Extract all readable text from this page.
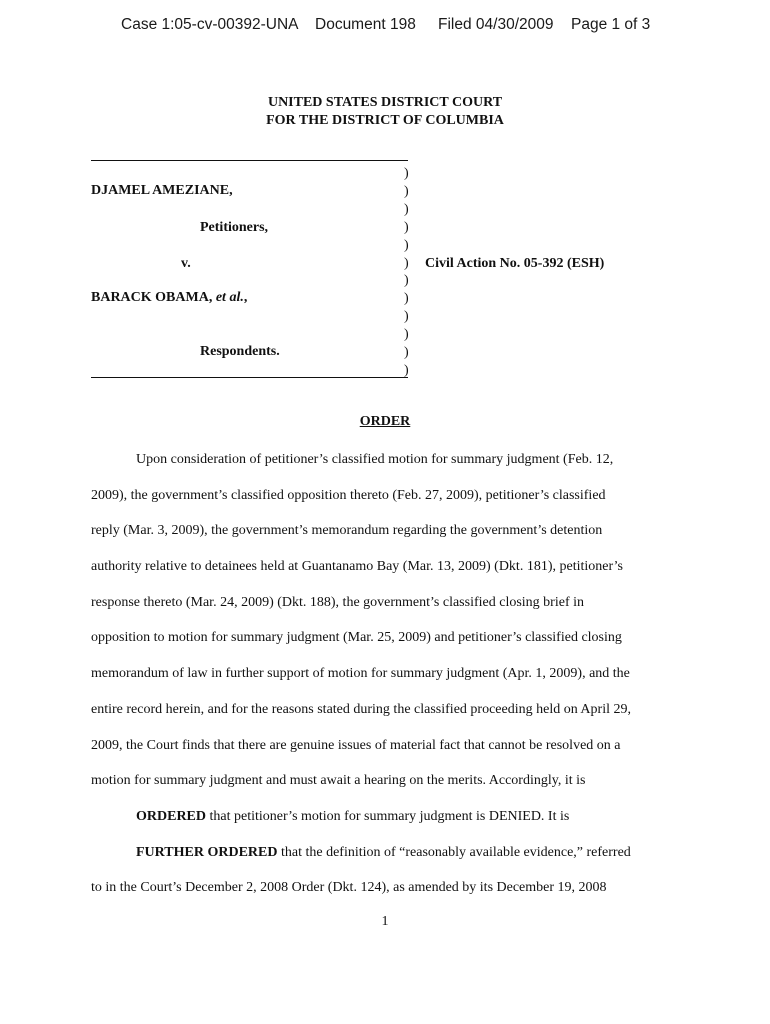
Case 1:05-cv-00392-UNA Document 198 Filed 04/30/2009 Page 1 of 3
UNITED STATES DISTRICT COURT
FOR THE DISTRICT OF COLUMBIA
DJAMEL AMEZIANE,
Petitioners,
v.
BARACK OBAMA, et al.,
Respondents.
Civil Action No. 05-392 (ESH)
)
)
)
)
)
)
)
)
)
)
)
)
ORDER
Upon consideration of petitioner’s classified motion for summary judgment (Feb. 12,
2009), the government’s classified opposition thereto (Feb. 27, 2009), petitioner’s classified
reply (Mar. 3, 2009), the government’s memorandum regarding the government’s detention
authority relative to detainees held at Guantanamo Bay (Mar. 13, 2009) (Dkt. 181), petitioner’s
response thereto (Mar. 24, 2009) (Dkt. 188), the government’s classified closing brief in
opposition to motion for summary judgment (Mar. 25, 2009) and petitioner’s classified closing
memorandum of law in further support of motion for summary judgment (Apr. 1, 2009), and the
entire record herein, and for the reasons stated during the classified proceeding held on April 29,
2009, the Court finds that there are genuine issues of material fact that cannot be resolved on a
motion for summary judgment and must await a hearing on the merits. Accordingly, it is
ORDERED that petitioner’s motion for summary judgment is DENIED. It is
FURTHER ORDERED that the definition of “reasonably available evidence,” referred
to in the Court’s December 2, 2008 Order (Dkt. 124), as amended by its December 19, 2008
1
